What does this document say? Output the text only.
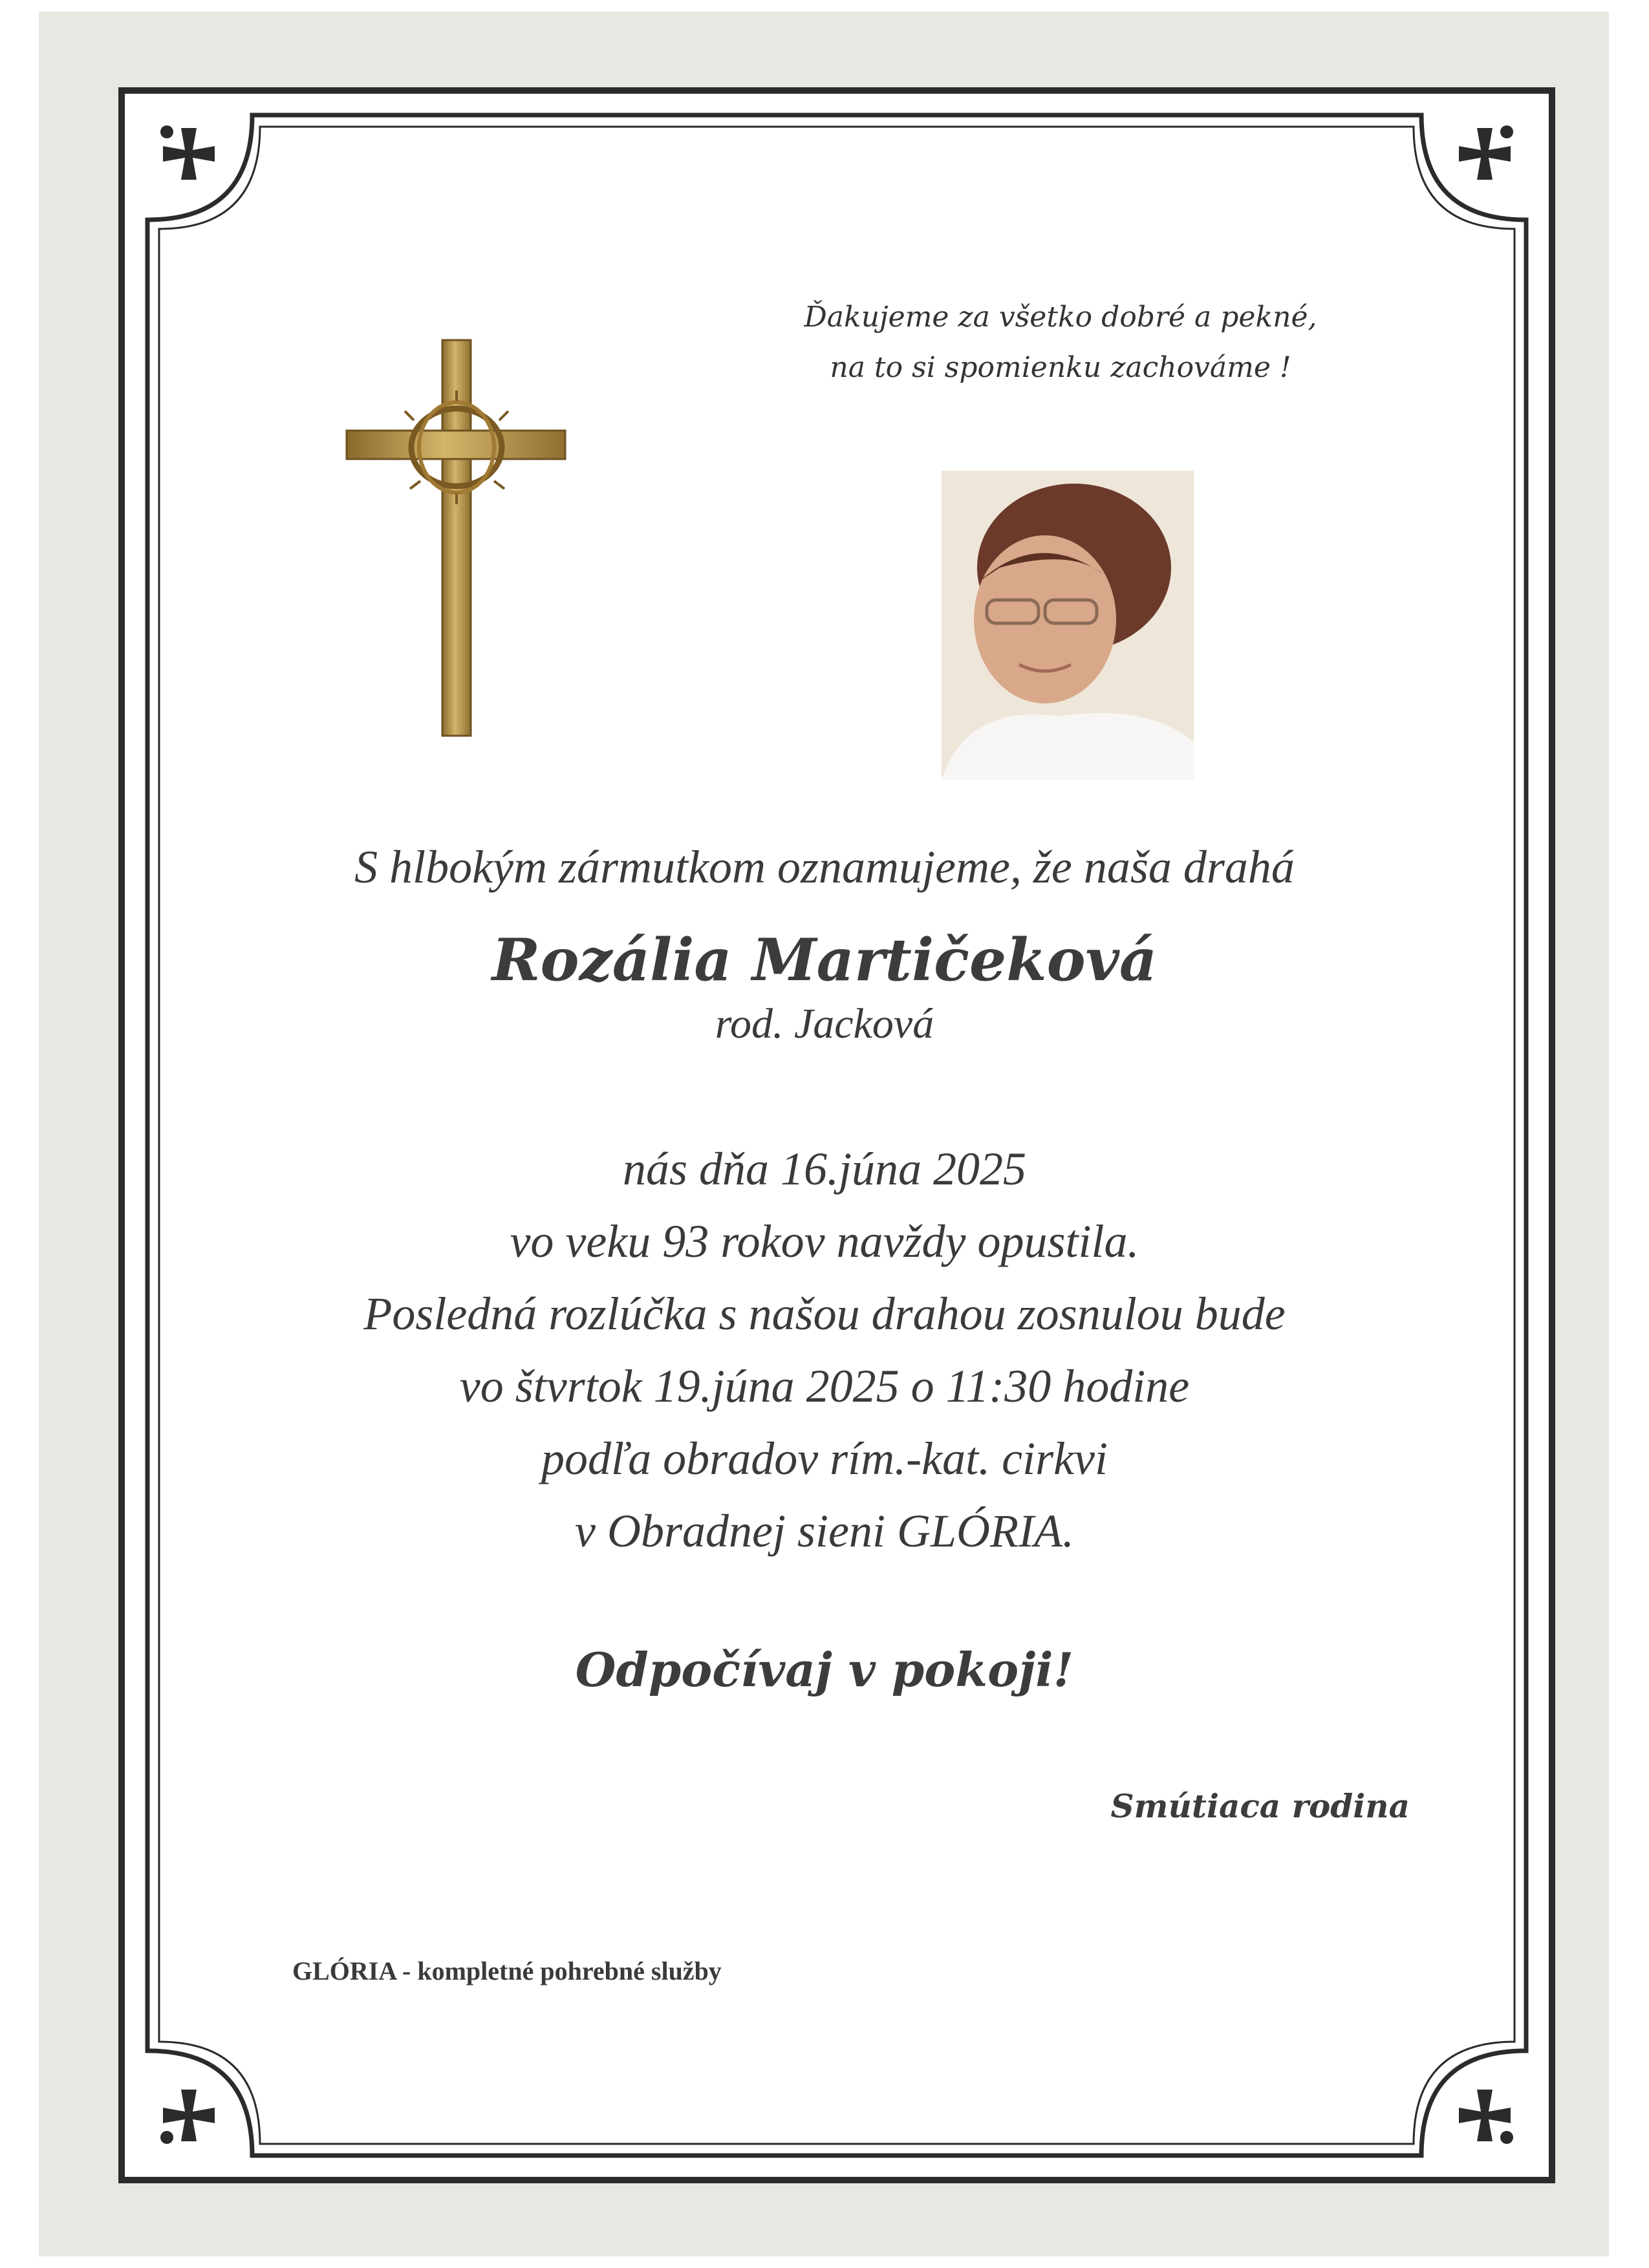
Ďakujeme za všetko dobré a pekné,
na to si spomienku zachováme !

S hlbokým zármutkom oznamujeme, že naša drahá

Rozália Martičeková

rod. Jacková

nás dňa 16.júna 2025
vo veku 93 rokov navždy opustila.
Posledná rozlúčka s našou drahou zosnulou bude
vo štvrtok 19.júna 2025 o 11:30 hodine
podľa obradov rím.-kat. cirkvi
v Obradnej sieni GLÓRIA.

Odpočívaj v pokoji!

Smútiaca rodina
GLÓRIA - kompletné pohrebné služby
